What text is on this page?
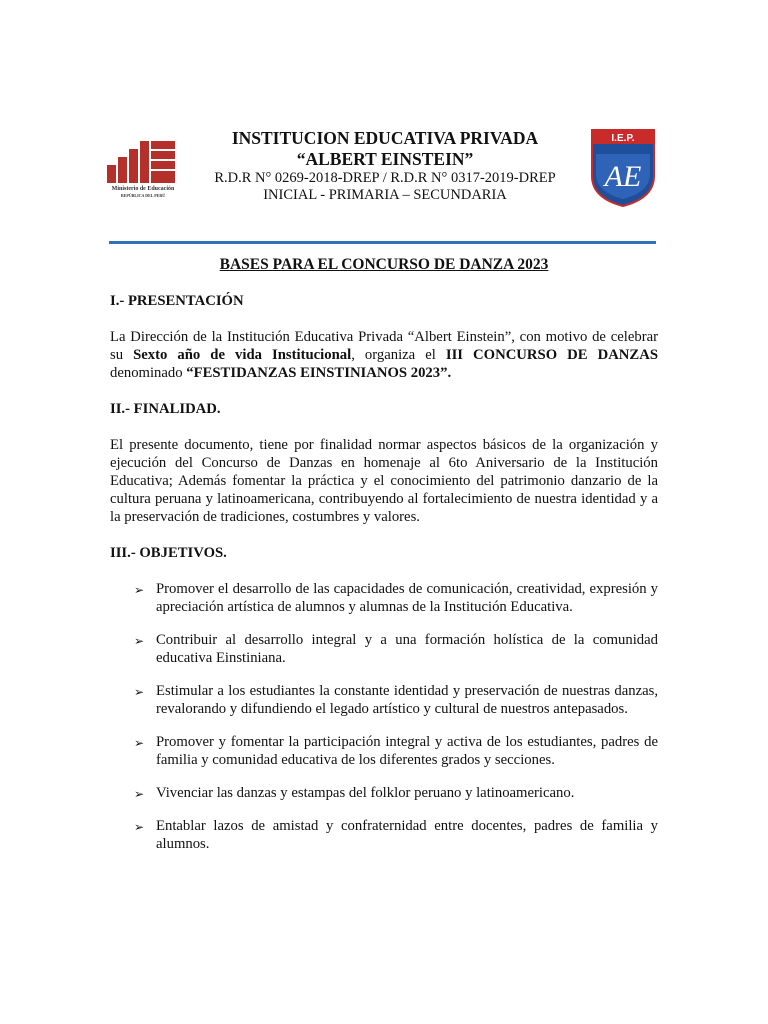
Ministerio de Educación
REPÚBLICA DEL PERÚ

INSTITUCION EDUCATIVA PRIVADA

“ALBERT EINSTEIN”

R.D.R N° 0269-2018-DREP / R.D.R N° 0317-2019-DREP

INICIAL - PRIMARIA – SECUNDARIA

I.E.P.
AE

BASES PARA EL CONCURSO DE DANZA 2023

I.- PRESENTACIÓN

La Dirección de la Institución Educativa Privada “Albert Einstein”, con motivo de celebrar su Sexto año de vida Institucional, organiza el III CONCURSO DE DANZAS denominado “FESTIDANZAS EINSTINIANOS 2023”.

II.- FINALIDAD.

El presente documento, tiene por finalidad normar aspectos básicos de la organización y ejecución del Concurso de Danzas en homenaje al 6to Aniversario de la Institución Educativa; Además fomentar la práctica y el conocimiento del patrimonio danzario de la cultura peruana y latinoamericana, contribuyendo al fortalecimiento de nuestra identidad y a la preservación de tradiciones, costumbres y valores.

III.- OBJETIVOS.

➢ Promover el desarrollo de las capacidades de comunicación, creatividad, expresión y apreciación artística de alumnos y alumnas de la Institución Educativa.
➢ Contribuir al desarrollo integral y a una formación holística de la comunidad educativa Einstiniana.
➢ Estimular a los estudiantes la constante identidad y preservación de nuestras danzas, revalorando y difundiendo el legado artístico y cultural de nuestros antepasados.
➢ Promover y fomentar la participación integral y activa de los estudiantes, padres de familia y comunidad educativa de los diferentes grados y secciones.
➢ Vivenciar las danzas y estampas del folklor peruano y latinoamericano.
➢ Entablar lazos de amistad y confraternidad entre docentes, padres de familia y alumnos.
